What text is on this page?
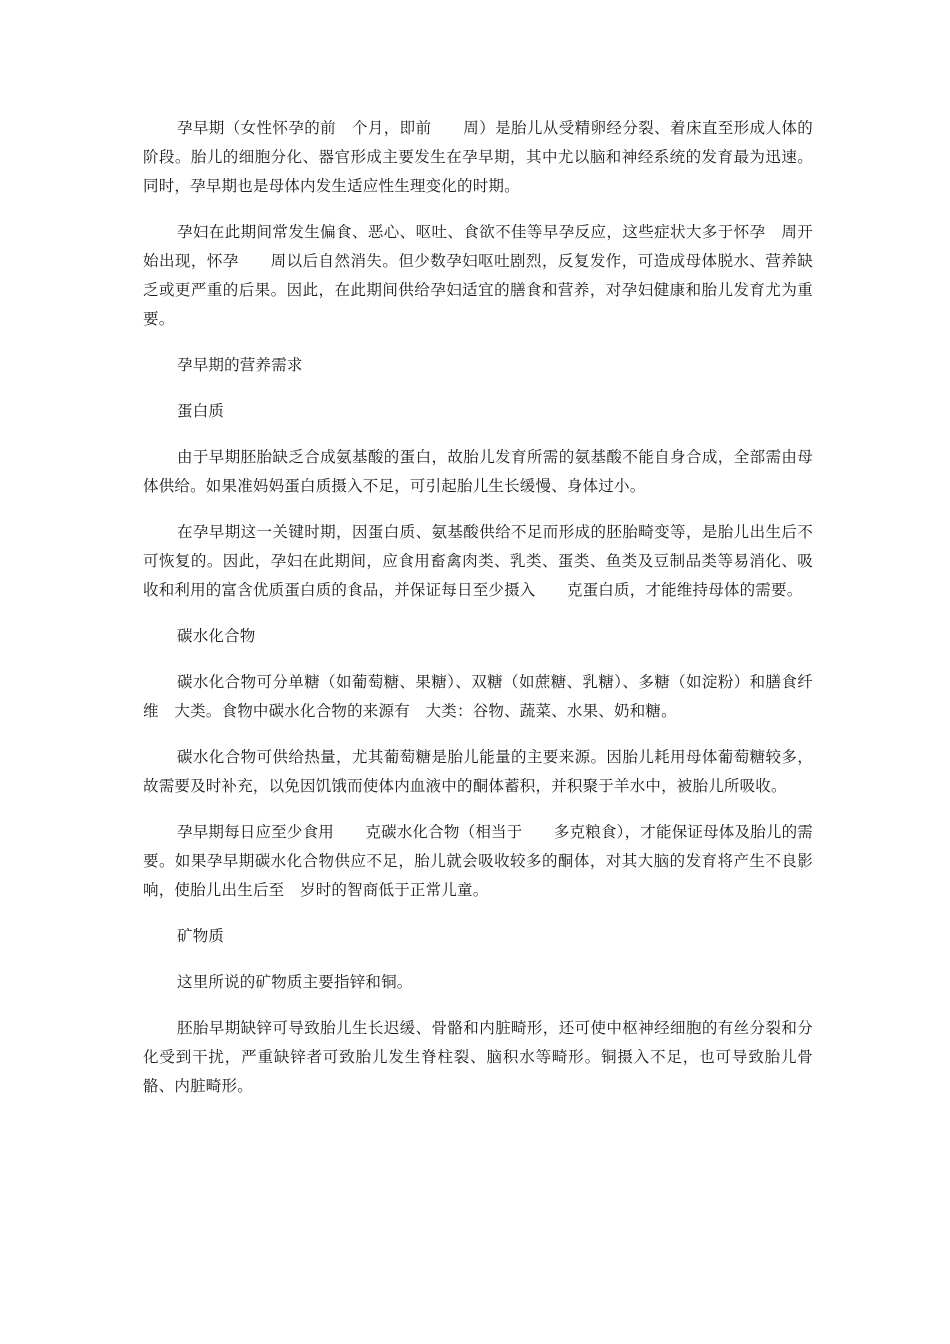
孕早期（女性怀孕的前　个月，即前　　周）是胎儿从受精卵经分裂、着床直至形成人体的阶段。胎儿的细胞分化、器官形成主要发生在孕早期，其中尤以脑和神经系统的发育最为迅速。同时，孕早期也是母体内发生适应性生理变化的时期。

孕妇在此期间常发生偏食、恶心、呕吐、食欲不佳等早孕反应，这些症状大多于怀孕　周开始出现，怀孕　　周以后自然消失。但少数孕妇呕吐剧烈，反复发作，可造成母体脱水、营养缺乏或更严重的后果。因此，在此期间供给孕妇适宜的膳食和营养，对孕妇健康和胎儿发育尤为重要。

孕早期的营养需求

蛋白质

由于早期胚胎缺乏合成氨基酸的蛋白，故胎儿发育所需的氨基酸不能自身合成，全部需由母体供给。如果准妈妈蛋白质摄入不足，可引起胎儿生长缓慢、身体过小。

在孕早期这一关键时期，因蛋白质、氨基酸供给不足而形成的胚胎畸变等，是胎儿出生后不可恢复的。因此，孕妇在此期间，应食用畜禽肉类、乳类、蛋类、鱼类及豆制品类等易消化、吸收和利用的富含优质蛋白质的食品，并保证每日至少摄入　　克蛋白质，才能维持母体的需要。

碳水化合物

碳水化合物可分单糖（如葡萄糖、果糖）、双糖（如蔗糖、乳糖）、多糖（如淀粉）和膳食纤维　大类。食物中碳水化合物的来源有　大类：谷物、蔬菜、水果、奶和糖。

碳水化合物可供给热量，尤其葡萄糖是胎儿能量的主要来源。因胎儿耗用母体葡萄糖较多，故需要及时补充，以免因饥饿而使体内血液中的酮体蓄积，并积聚于羊水中，被胎儿所吸收。

孕早期每日应至少食用　　克碳水化合物（相当于　　多克粮食），才能保证母体及胎儿的需要。如果孕早期碳水化合物供应不足，胎儿就会吸收较多的酮体，对其大脑的发育将产生不良影响，使胎儿出生后至　岁时的智商低于正常儿童。

矿物质

这里所说的矿物质主要指锌和铜。

胚胎早期缺锌可导致胎儿生长迟缓、骨骼和内脏畸形，还可使中枢神经细胞的有丝分裂和分化受到干扰，严重缺锌者可致胎儿发生脊柱裂、脑积水等畸形。铜摄入不足，也可导致胎儿骨骼、内脏畸形。
